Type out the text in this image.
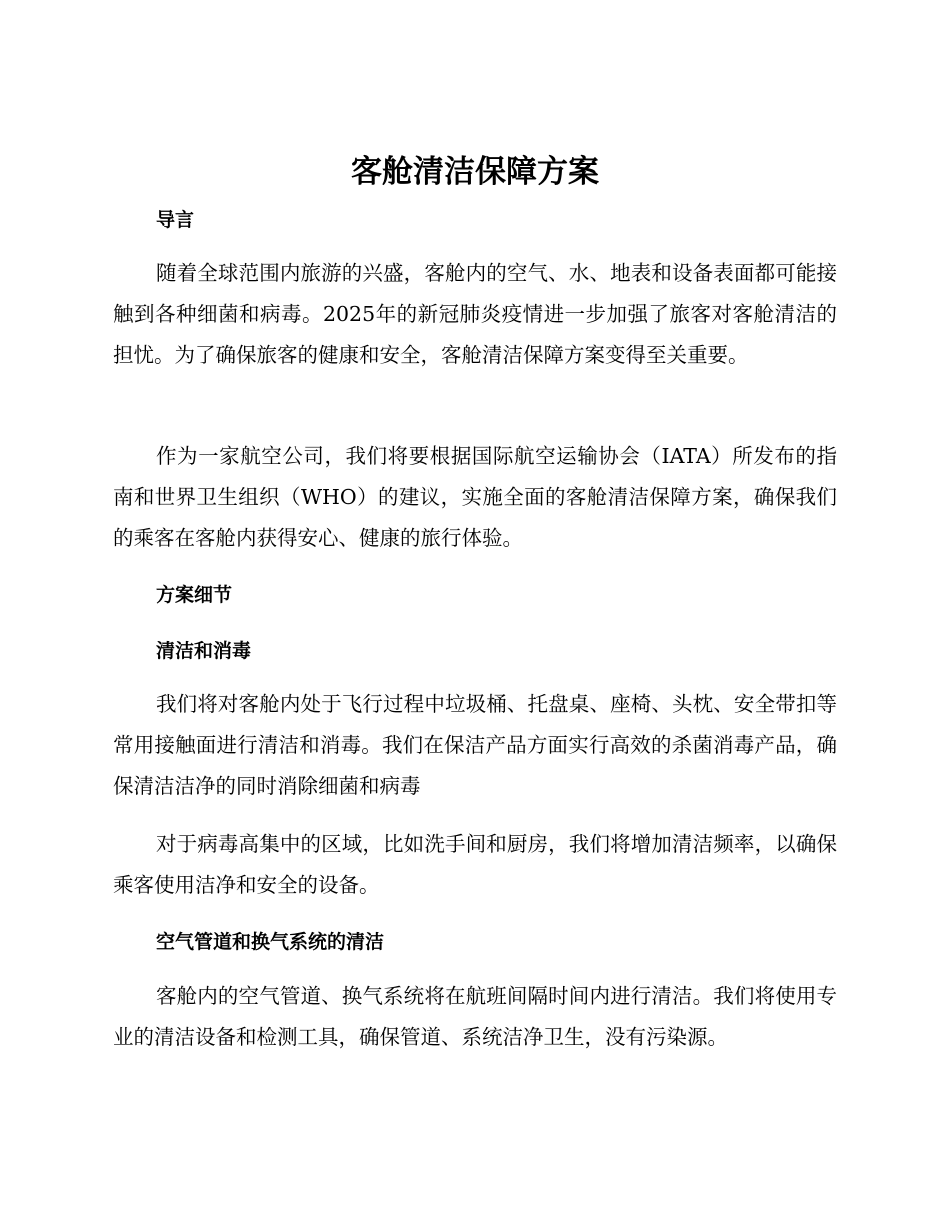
客舱清洁保障方案
导言

随着全球范围内旅游的兴盛，客舱内的空气、水、地表和设备表面都可能接触到各种细菌和病毒。2025年的新冠肺炎疫情进一步加强了旅客对客舱清洁的担忧。为了确保旅客的健康和安全，客舱清洁保障方案变得至关重要。

作为一家航空公司，我们将要根据国际航空运输协会（IATA）所发布的指南和世界卫生组织（WHO）的建议，实施全面的客舱清洁保障方案，确保我们的乘客在客舱内获得安心、健康的旅行体验。

方案细节
清洁和消毒

我们将对客舱内处于飞行过程中垃圾桶、托盘桌、座椅、头枕、安全带扣等常用接触面进行清洁和消毒。我们在保洁产品方面实行高效的杀菌消毒产品，确保清洁洁净的同时消除细菌和病毒

对于病毒高集中的区域，比如洗手间和厨房，我们将增加清洁频率，以确保乘客使用洁净和安全的设备。

空气管道和换气系统的清洁

客舱内的空气管道、换气系统将在航班间隔时间内进行清洁。我们将使用专业的清洁设备和检测工具，确保管道、系统洁净卫生，没有污染源。
